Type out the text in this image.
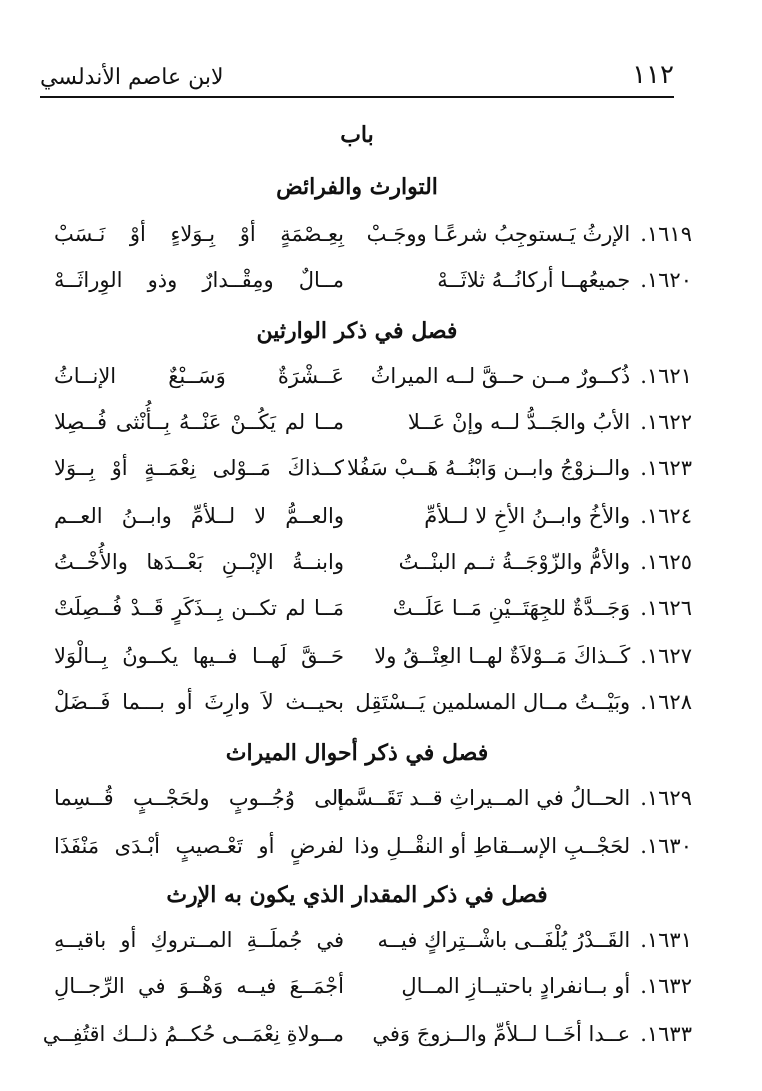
١١٢
لابن عاصم الأندلسي
باب
التوارث والفرائض
١٦١٩.الإرثُ يَـستوجِبُ شرعًـا ووجَـبْ
بِعِـصْمَةٍ أوْ بِـوَلاءٍ أوْ نَـسَبْ
١٦٢٠.جميعُهــا أركانُــهُ ثلاثَــهْ
مــالٌ ومِقْــدارٌ وذو الوِراثَــهْ
فصل في ذكر الوارثين
١٦٢١.ذُكــورٌ مــن حــقَّ لــه الميراثُ
عَــشْرَةٌ وَسَــبْعٌ الإنــاثُ
١٦٢٢.الأبُ والجَــدُّ لــه وإنْ عَــلا
مــا لم يَكُــنْ عَنْــهُ بِــأُنْثى فُــصِلا
١٦٢٣.والــزوْجُ وابــن وَابْنُــهُ هَــبْ سَفُلا
كــذاكَ مَــوْلى نِعْمَــةٍ أوْ بِــوَلا
١٦٢٤.والأخُ وابــنُ الأخِ لا لــلأمِّ
والعــمُّ لا لــلأمِّ وابــنُ العــم
١٦٢٥.والأمُّ والزّوْجَــةُ ثــم البنْــتُ
وابنــةُ الإبْــنِ بَعْــدَها والأُخْــتُ
١٦٢٦.وَجَــدَّةٌ للجِهَتَــيْنِ مَــا عَلَــتْ
مَــا لم تكــن بِــذَكَرٍ قَــدْ فُــصِلَتْ
١٦٢٧.كَــذاكَ مَــوْلاَةٌ لهــا العِتْــقُ ولا
حَــقَّ لَهــا فــيها يكــونُ بِــالْوَلا
١٦٢٨.وبَيْــتُ مــال المسلمين يَــسْتَقِل
بحيــث لاَ وارِثَ أو بـــما فَــضَلْ
فصل في ذكر أحوال الميراث
١٦٢٩.الحــالُ في المــيراثِ قــد تَقَــسَّما
إلى وُجُــوبٍ ولحَجْــبٍ قُــسِما
١٦٣٠.لحَجْــبِ الإســقاطِ أو النقْــلِ وذا
لفرضٍ أو تَعْـصيبٍ أبْـدَى مَنْفَذَا
فصل في ذكر المقدار الذي يكون به الإرث
١٦٣١.القَــدْرُ يُلْفَــى باشْــتِراكٍ فيــه
في جُملَــةِ المــتروكِ أو باقيــهِ
١٦٣٢.أو بــانفرادٍ باحتيــازِ المــالِ
أجْمَــعَ فيــه وَهْــوَ في الرِّجــالِ
١٦٣٣.عــدا أخَــا لــلأمِّ والــزوجَ وَفي
مــولاةِ نِعْمَــى حُكــمُ ذلــك اقتُفِــي
